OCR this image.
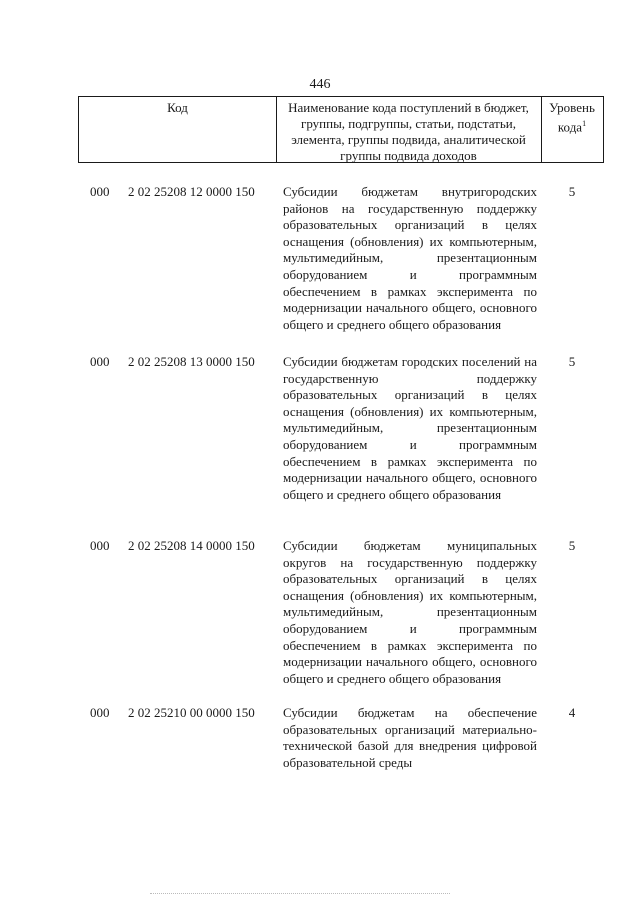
446
Код	Наименование кода поступлений в бюджет, группы, подгруппы, статьи, подстатьи, элемента, группы подвида, аналитической группы подвида доходов
Уровень кода$^1$
000 2 02 25208 12 0000 150 Субсидии бюджетам внутригородских районов на государственную поддержку образовательных организаций в целях оснащения (обновления) их компьютерным, мультимедийным, презентационным оборудованием и программным обеспечением в рамках эксперимента по модернизации начального общего, основного общего и среднего общего образования
5
000 2 02 25208 13 0000 150 Субсидии бюджетам городских поселений на государственную поддержку образовательных организаций в целях оснащения (обновления) их компьютерным, мультимедийным, презентационным оборудованием и программным обеспечением в рамках эксперимента по модернизации начального общего, основного общего и среднего общего образования
5
000 2 02 25208 14 0000 150 Субсидии бюджетам муниципальных округов на государственную поддержку образовательных организаций в целях оснащения (обновления) их компьютерным, мультимедийным, презентационным оборудованием и программным обеспечением в рамках эксперимента по модернизации начального общего, основного общего и среднего общего образования
5
000 2 02 25210 00 0000 150 Субсидии бюджетам на обеспечение образовательных организаций материально-технической базой для внедрения цифровой образовательной среды
4
